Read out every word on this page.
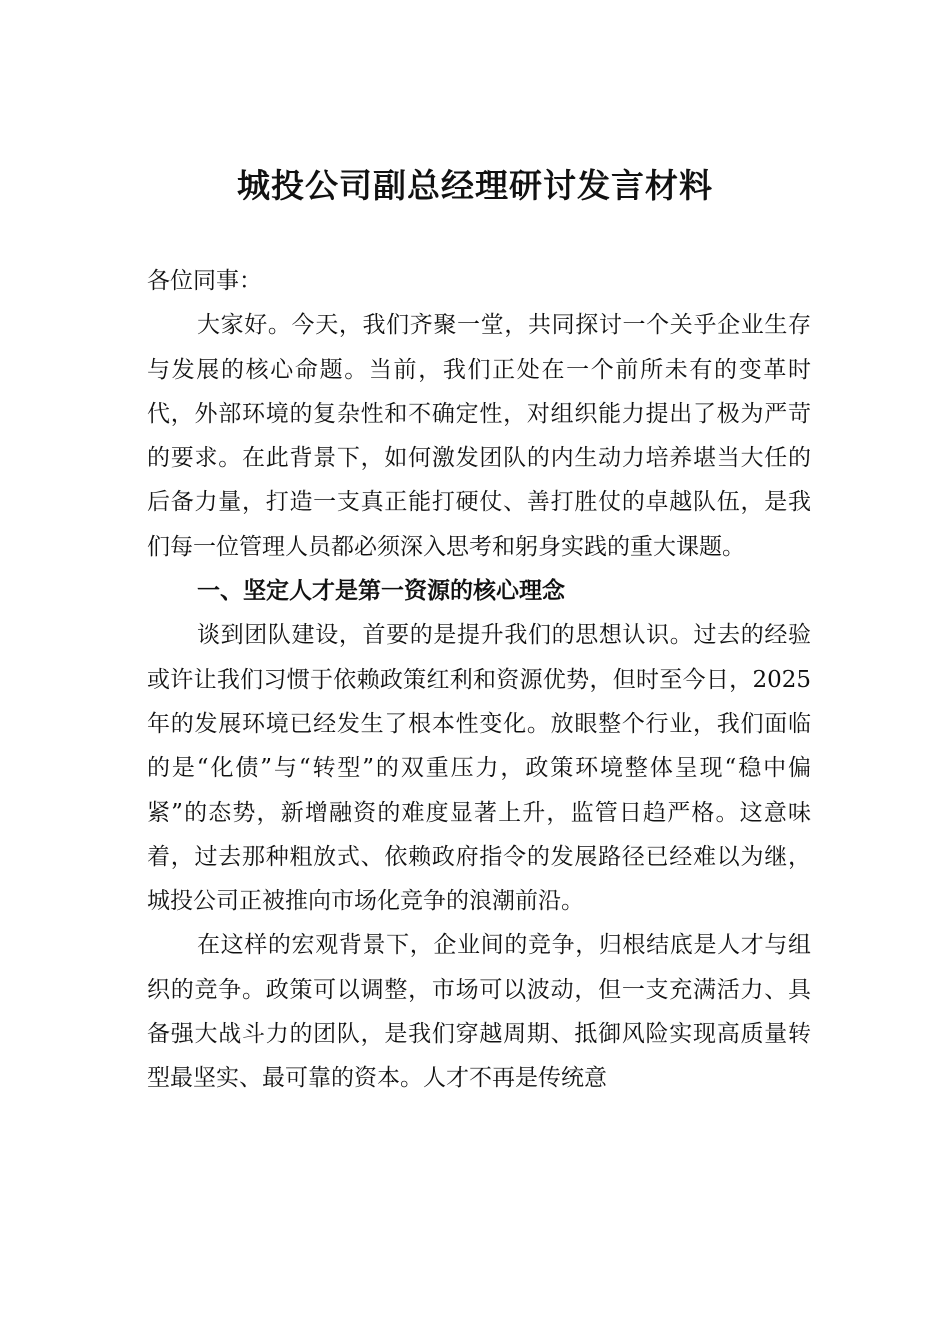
城投公司副总经理研讨发言材料

各位同事：

大家好。今天，我们齐聚一堂，共同探讨一个关乎企业生存与发展的核心命题。当前，我们正处在一个前所未有的变革时代，外部环境的复杂性和不确定性，对组织能力提出了极为严苛的要求。在此背景下，如何激发团队的内生动力培养堪当大任的后备力量，打造一支真正能打硬仗、善打胜仗的卓越队伍，是我们每一位管理人员都必须深入思考和躬身实践的重大课题。

一、坚定人才是第一资源的核心理念

谈到团队建设，首要的是提升我们的思想认识。过去的经验或许让我们习惯于依赖政策红利和资源优势，但时至今日，2025 年的发展环境已经发生了根本性变化。放眼整个行业，我们面临的是“化债”与“转型”的双重压力，政策环境整体呈现“稳中偏紧”的态势，新增融资的难度显著上升，监管日趋严格。这意味着，过去那种粗放式、依赖政府指令的发展路径已经难以为继，城投公司正被推向市场化竞争的浪潮前沿。

在这样的宏观背景下，企业间的竞争，归根结底是人才与组织的竞争。政策可以调整，市场可以波动，但一支充满活力、具备强大战斗力的团队，是我们穿越周期、抵御风险实现高质量转型最坚实、最可靠的资本。人才不再是传统意
